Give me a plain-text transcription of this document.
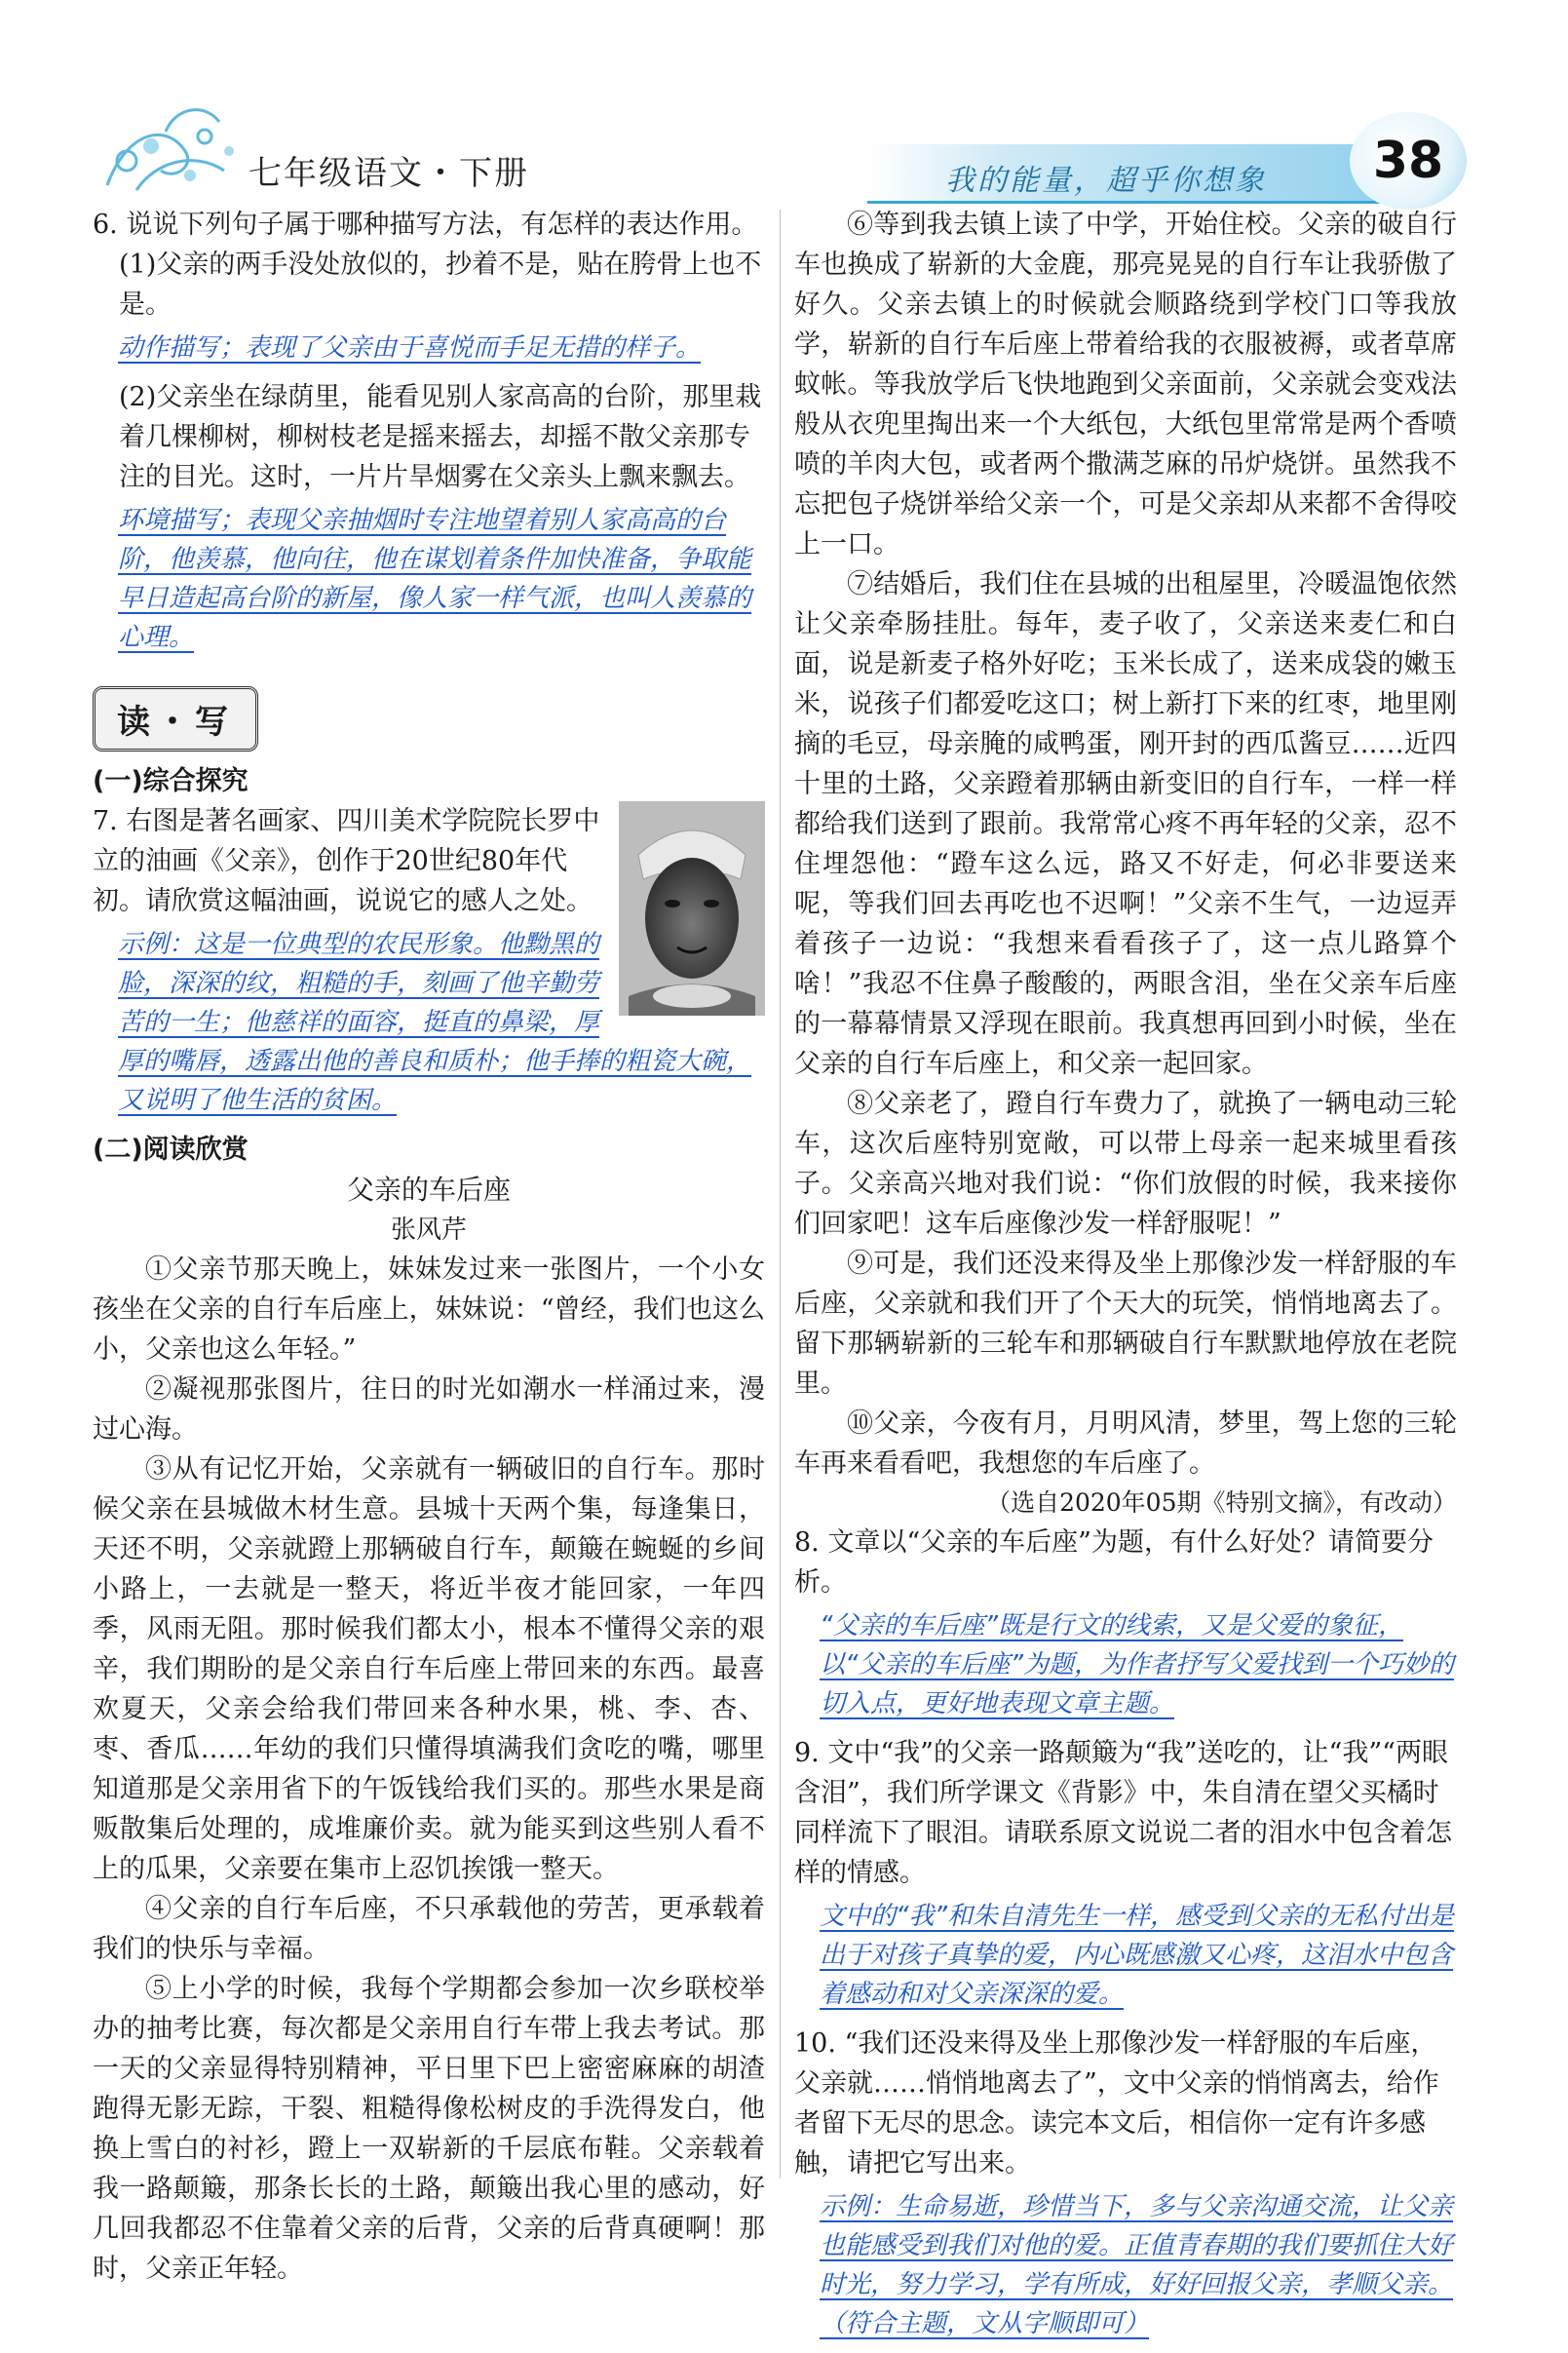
七年级语文・下册	我的能量，超乎你想象	38

6. 说说下列句子属于哪种描写方法，有怎样的表达作用。

(1)父亲的两手没处放似的，抄着不是，贴在胯骨上也不是。

动作描写；表现了父亲由于喜悦而手足无措的样子。

(2)父亲坐在绿荫里，能看见别人家高高的台阶，那里栽着几棵柳树，柳树枝老是摇来摇去，却摇不散父亲那专注的目光。这时，一片片旱烟雾在父亲头上飘来飘去。

环境描写；表现父亲抽烟时专注地望着别人家高高的台阶，他羡慕，他向往，他在谋划着条件加快准备，争取能早日造起高台阶的新屋，像人家一样气派，也叫人羡慕的心理。

读・写

(一)综合探究

7. 右图是著名画家、四川美术学院院长罗中立的油画《父亲》，创作于20世纪80年代初。请欣赏这幅油画，说说它的感人之处。

示例：这是一位典型的农民形象。他黝黑的脸，深深的纹，粗糙的手，刻画了他辛勤劳苦的一生；他慈祥的面容，挺直的鼻梁，厚厚的嘴唇，透露出他的善良和质朴；他手捧的粗瓷大碗，又说明了他生活的贫困。

(二)阅读欣赏

父亲的车后座

张风芹

①父亲节那天晚上，妹妹发过来一张图片，一个小女孩坐在父亲的自行车后座上，妹妹说：“曾经，我们也这么小，父亲也这么年轻。”

②凝视那张图片，往日的时光如潮水一样涌过来，漫过心海。

③从有记忆开始，父亲就有一辆破旧的自行车。那时候父亲在县城做木材生意。县城十天两个集，每逢集日，天还不明，父亲就蹬上那辆破自行车，颠簸在蜿蜒的乡间小路上，一去就是一整天，将近半夜才能回家，一年四季，风雨无阻。那时候我们都太小，根本不懂得父亲的艰辛，我们期盼的是父亲自行车后座上带回来的东西。最喜欢夏天，父亲会给我们带回来各种水果，桃、李、杏、枣、香瓜……年幼的我们只懂得填满我们贪吃的嘴，哪里知道那是父亲用省下的午饭钱给我们买的。那些水果是商贩散集后处理的，成堆廉价卖。就为能买到这些别人看不上的瓜果，父亲要在集市上忍饥挨饿一整天。

④父亲的自行车后座，不只承载他的劳苦，更承载着我们的快乐与幸福。

⑤上小学的时候，我每个学期都会参加一次乡联校举办的抽考比赛，每次都是父亲用自行车带上我去考试。那一天的父亲显得特别精神，平日里下巴上密密麻麻的胡渣跑得无影无踪，干裂、粗糙得像松树皮的手洗得发白，他换上雪白的衬衫，蹬上一双崭新的千层底布鞋。父亲载着我一路颠簸，那条长长的土路，颠簸出我心里的感动，好几回我都忍不住靠着父亲的后背，父亲的后背真硬啊！那时，父亲正年轻。

⑥等到我去镇上读了中学，开始住校。父亲的破自行车也换成了崭新的大金鹿，那亮晃晃的自行车让我骄傲了好久。父亲去镇上的时候就会顺路绕到学校门口等我放学，崭新的自行车后座上带着给我的衣服被褥，或者草席蚊帐。等我放学后飞快地跑到父亲面前，父亲就会变戏法般从衣兜里掏出来一个大纸包，大纸包里常常是两个香喷喷的羊肉大包，或者两个撒满芝麻的吊炉烧饼。虽然我不忘把包子烧饼举给父亲一个，可是父亲却从来都不舍得咬上一口。

⑦结婚后，我们住在县城的出租屋里，冷暖温饱依然让父亲牵肠挂肚。每年，麦子收了，父亲送来麦仁和白面，说是新麦子格外好吃；玉米长成了，送来成袋的嫩玉米，说孩子们都爱吃这口；树上新打下来的红枣，地里刚摘的毛豆，母亲腌的咸鸭蛋，刚开封的西瓜酱豆……近四十里的土路，父亲蹬着那辆由新变旧的自行车，一样一样都给我们送到了跟前。我常常心疼不再年轻的父亲，忍不住埋怨他：“蹬车这么远，路又不好走，何必非要送来呢，等我们回去再吃也不迟啊！”父亲不生气，一边逗弄着孩子一边说：“我想来看看孩子了，这一点儿路算个啥！”我忍不住鼻子酸酸的，两眼含泪，坐在父亲车后座的一幕幕情景又浮现在眼前。我真想再回到小时候，坐在父亲的自行车后座上，和父亲一起回家。

⑧父亲老了，蹬自行车费力了，就换了一辆电动三轮车，这次后座特别宽敞，可以带上母亲一起来城里看孩子。父亲高兴地对我们说：“你们放假的时候，我来接你们回家吧！这车后座像沙发一样舒服呢！”

⑨可是，我们还没来得及坐上那像沙发一样舒服的车后座，父亲就和我们开了个天大的玩笑，悄悄地离去了。留下那辆崭新的三轮车和那辆破自行车默默地停放在老院里。

⑩父亲，今夜有月，月明风清，梦里，驾上您的三轮车再来看看吧，我想您的车后座了。

（选自2020年05期《特别文摘》，有改动）

8. 文章以“父亲的车后座”为题，有什么好处？请简要分析。

“父亲的车后座”既是行文的线索，又是父爱的象征，以“父亲的车后座”为题，为作者抒写父爱找到一个巧妙的切入点，更好地表现文章主题。

9. 文中“我”的父亲一路颠簸为“我”送吃的，让“我”“两眼含泪”，我们所学课文《背影》中，朱自清在望父买橘时同样流下了眼泪。请联系原文说说二者的泪水中包含着怎样的情感。

文中的“我”和朱自清先生一样，感受到父亲的无私付出是出于对孩子真挚的爱，内心既感激又心疼，这泪水中包含着感动和对父亲深深的爱。

10. “我们还没来得及坐上那像沙发一样舒服的车后座，父亲就……悄悄地离去了”，文中父亲的悄悄离去，给作者留下无尽的思念。读完本文后，相信你一定有许多感触，请把它写出来。

示例：生命易逝，珍惜当下，多与父亲沟通交流，让父亲也能感受到我们对他的爱。正值青春期的我们要抓住大好时光，努力学习，学有所成，好好回报父亲，孝顺父亲。（符合主题，文从字顺即可）
